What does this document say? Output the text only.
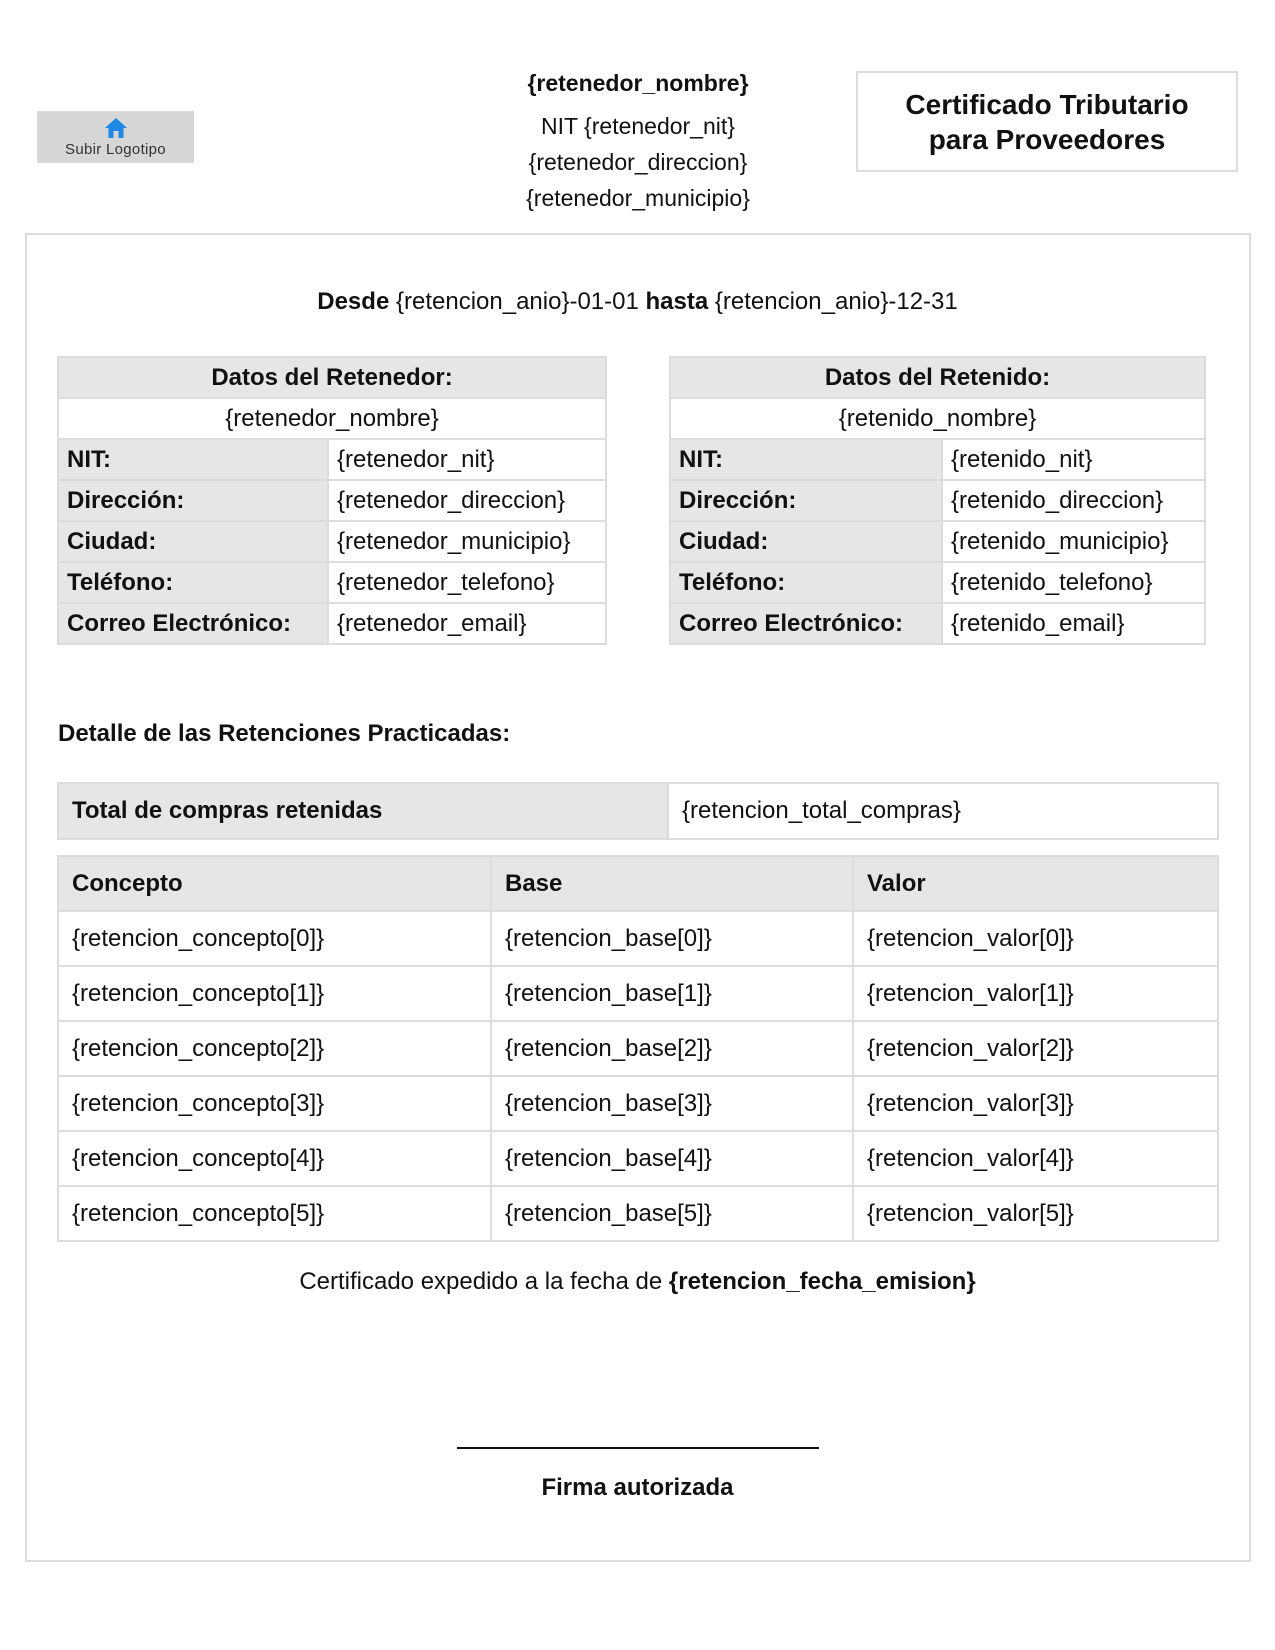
Subir Logotipo
{retenedor_nombre}
NIT {retenedor_nit}
{retenedor_direccion}
{retenedor_municipio}
Certificado Tributario
para Proveedores
Desde {retencion_anio}-01-01 hasta {retencion_anio}-12-31
Datos del Retenedor:	
{retenedor_nombre}	
NIT:	{retenedor_nit}
Dirección:	{retenedor_direccion}
Ciudad:	{retenedor_municipio}
Teléfono:	{retenedor_telefono}
Correo Electrónico:	{retenedor_email}
Datos del Retenido:	
{retenido_nombre}	
NIT:	{retenido_nit}
Dirección:	{retenido_direccion}
Ciudad:	{retenido_municipio}
Teléfono:	{retenido_telefono}
Correo Electrónico:	{retenido_email}
Detalle de las Retenciones Practicadas:
Total de compras retenidas	{retencion_total_compras}
Concepto	Base	Valor
{retencion_concepto[0]}	{retencion_base[0]}	{retencion_valor[0]}
{retencion_concepto[1]}	{retencion_base[1]}	{retencion_valor[1]}
{retencion_concepto[2]}	{retencion_base[2]}	{retencion_valor[2]}
{retencion_concepto[3]}	{retencion_base[3]}	{retencion_valor[3]}
{retencion_concepto[4]}	{retencion_base[4]}	{retencion_valor[4]}
{retencion_concepto[5]}	{retencion_base[5]}	{retencion_valor[5]}
Certificado expedido a la fecha de {retencion_fecha_emision}
Firma autorizada
